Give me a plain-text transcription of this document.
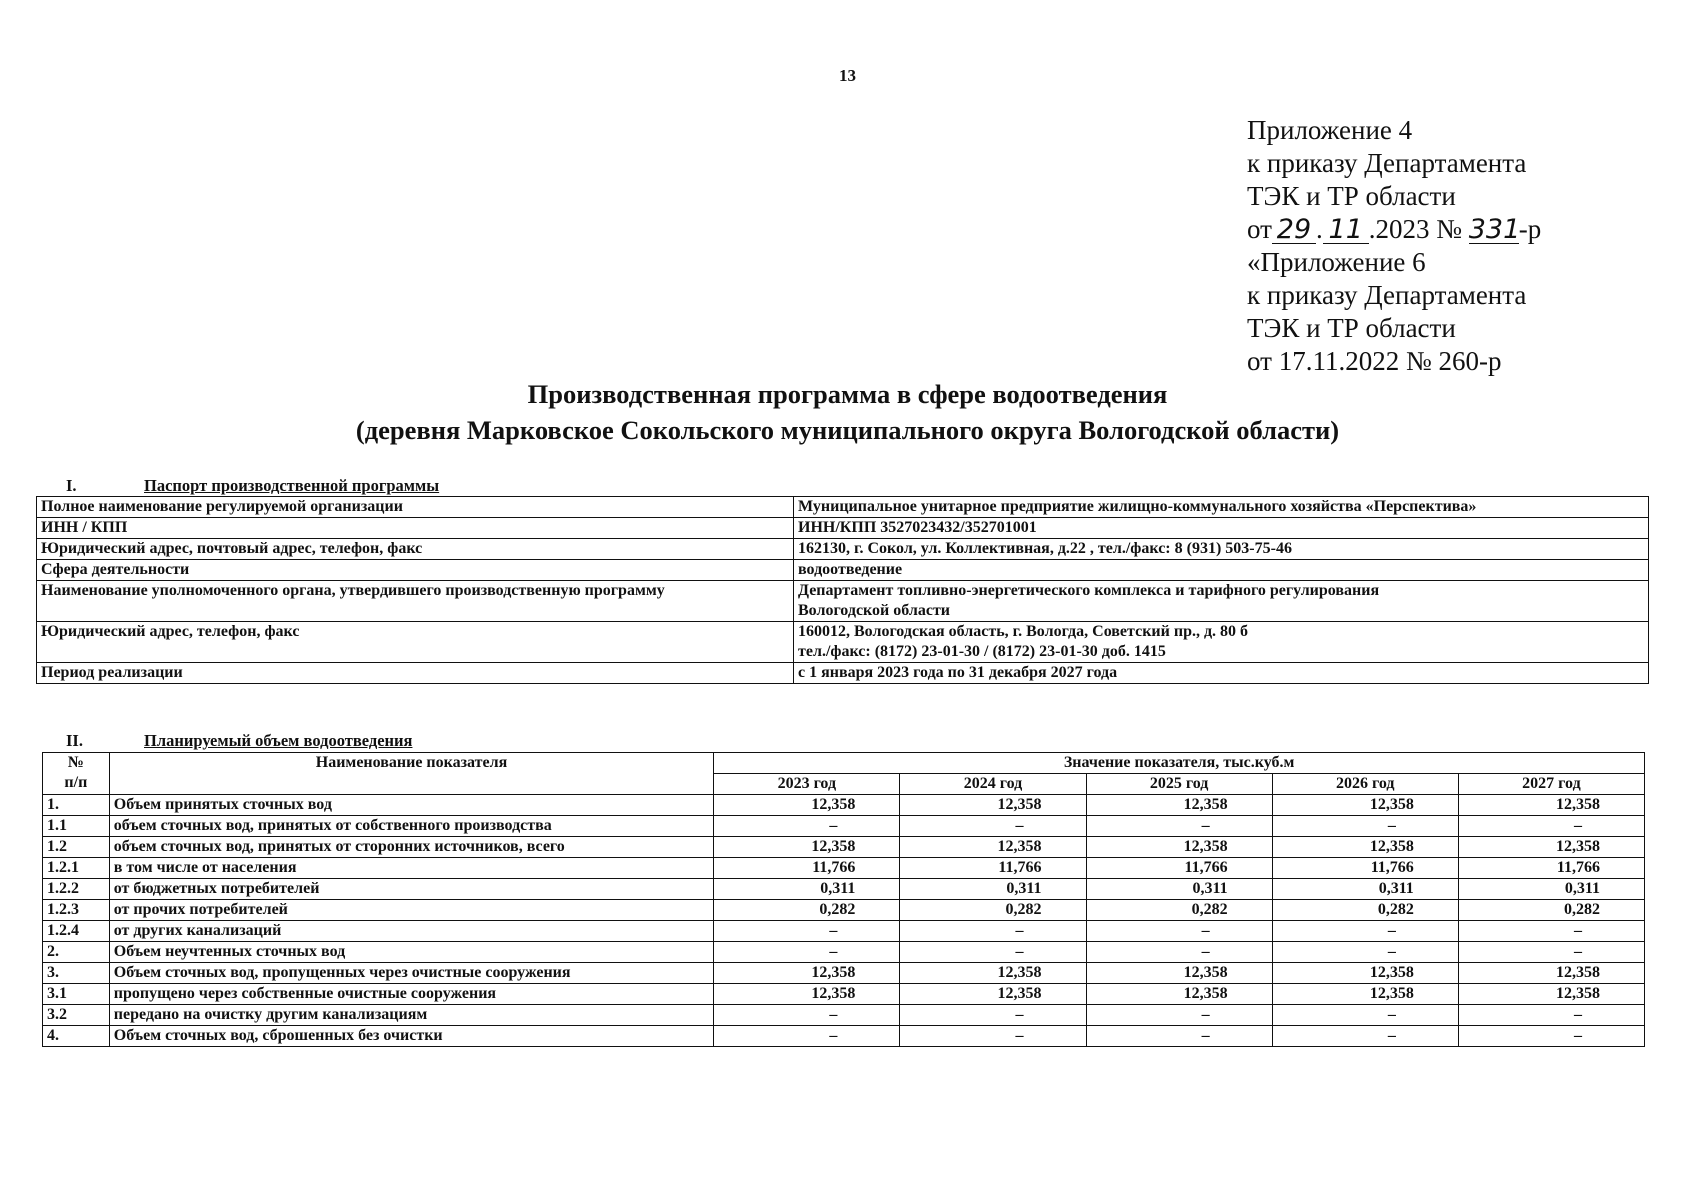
13
Приложение 4
к приказу Департамента
ТЭК и ТР области
от 29 . 11 .2023 № 331-р
«Приложение 6
к приказу Департамента
ТЭК и ТР области
от 17.11.2022 № 260-р
Производственная программа в сфере водоотведения
(деревня Марковское Сокольского муниципального округа Вологодской области)
I.	Паспорт производственной программы
Полное наименование регулируемой организации	Муниципальное унитарное предприятие жилищно-коммунального хозяйства «Перспектива»

ИНН / КПП	ИНН/КПП 3527023432/352701001

Юридический адрес, почтовый адрес, телефон, факс	162130, г. Сокол, ул. Коллективная, д.22 , тел./факс: 8 (931) 503-75-46

Сфера деятельности	водоотведение

Наименование уполномоченного органа, утвердившего производственную программу	Департамент топливно-энергетического комплекса и тарифного регулирования
Вологодской области

Юридический адрес, телефон, факс	160012, Вологодская область, г. Вологда, Советский пр., д. 80 б
тел./факс: (8172) 23-01-30 / (8172) 23-01-30 доб. 1415

Период реализации	с 1 января 2023 года по 31 декабря 2027 года
II.	Планируемый объем водоотведения
№
п/п	Наименование показателя	Значение показателя, тыс.куб.м				
		2023 год	2024 год	2025 год	2026 год	2027 год
1.	Объем принятых сточных вод	12,358	12,358	12,358	12,358	12,358
1.1	объем сточных вод, принятых от собственного производства	–	–	–	–	–
1.2	объем сточных вод, принятых от сторонних источников, всего	12,358	12,358	12,358	12,358	12,358
1.2.1	в том числе от населения	11,766	11,766	11,766	11,766	11,766
1.2.2	от бюджетных потребителей	0,311	0,311	0,311	0,311	0,311
1.2.3	от прочих потребителей	0,282	0,282	0,282	0,282	0,282
1.2.4	от других канализаций	–	–	–	–	–
2.	Объем неучтенных сточных вод	–	–	–	–	–
3.	Объем сточных вод, пропущенных через очистные сооружения	12,358	12,358	12,358	12,358	12,358
3.1	пропущено через собственные очистные сооружения	12,358	12,358	12,358	12,358	12,358
3.2	передано на очистку другим канализациям	–	–	–	–	–
4.	Объем сточных вод, сброшенных без очистки	–	–	–	–	–
